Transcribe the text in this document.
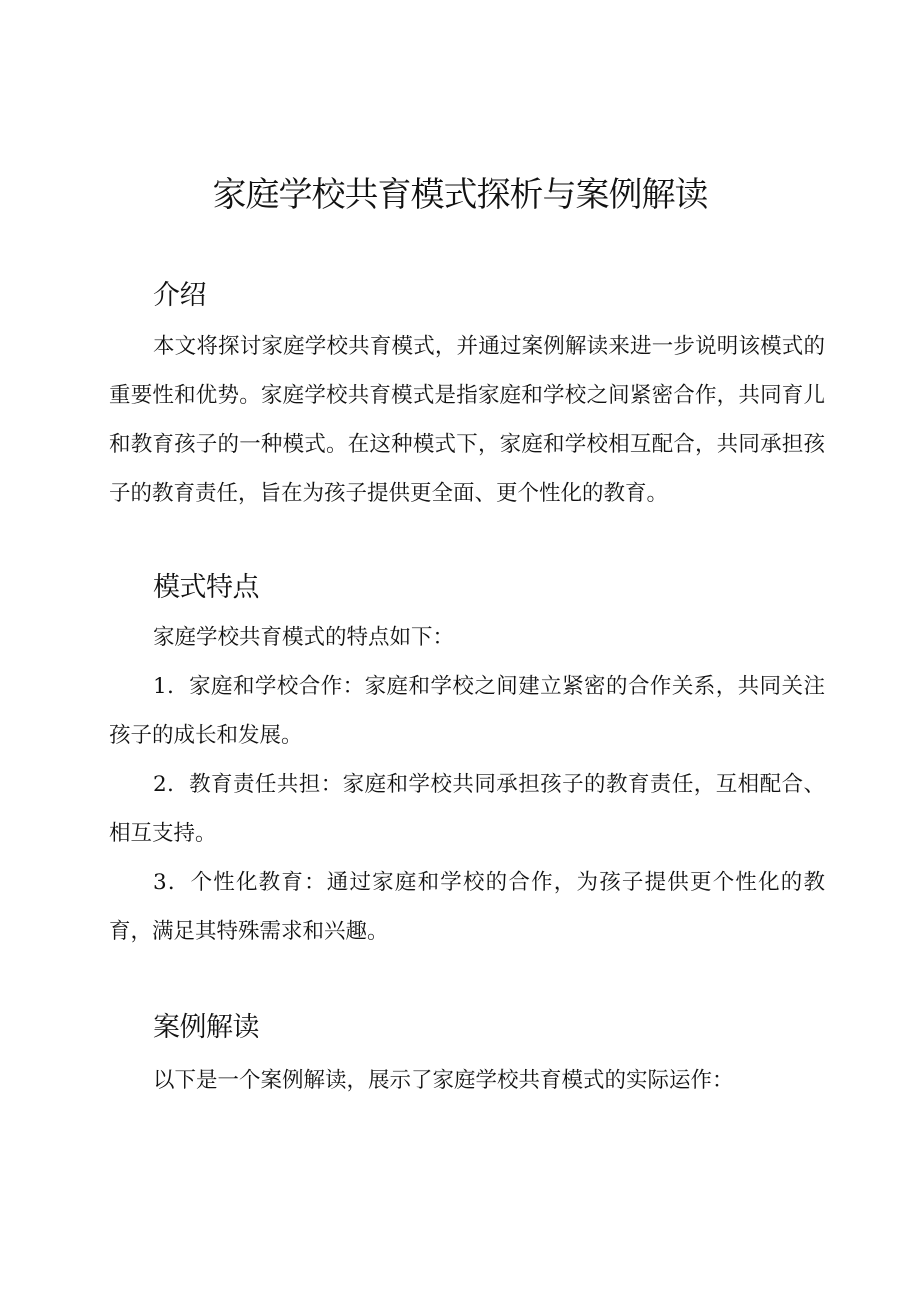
家庭学校共育模式探析与案例解读
介绍

本文将探讨家庭学校共育模式，并通过案例解读来进一步说明该模式的重要性和优势。家庭学校共育模式是指家庭和学校之间紧密合作，共同育儿和教育孩子的一种模式。在这种模式下，家庭和学校相互配合，共同承担孩子的教育责任，旨在为孩子提供更全面、更个性化的教育。

模式特点

家庭学校共育模式的特点如下：

1．家庭和学校合作：家庭和学校之间建立紧密的合作关系，共同关注孩子的成长和发展。

2．教育责任共担：家庭和学校共同承担孩子的教育责任，互相配合、相互支持。

3．个性化教育：通过家庭和学校的合作，为孩子提供更个性化的教育，满足其特殊需求和兴趣。

案例解读

以下是一个案例解读，展示了家庭学校共育模式的实际运作：
